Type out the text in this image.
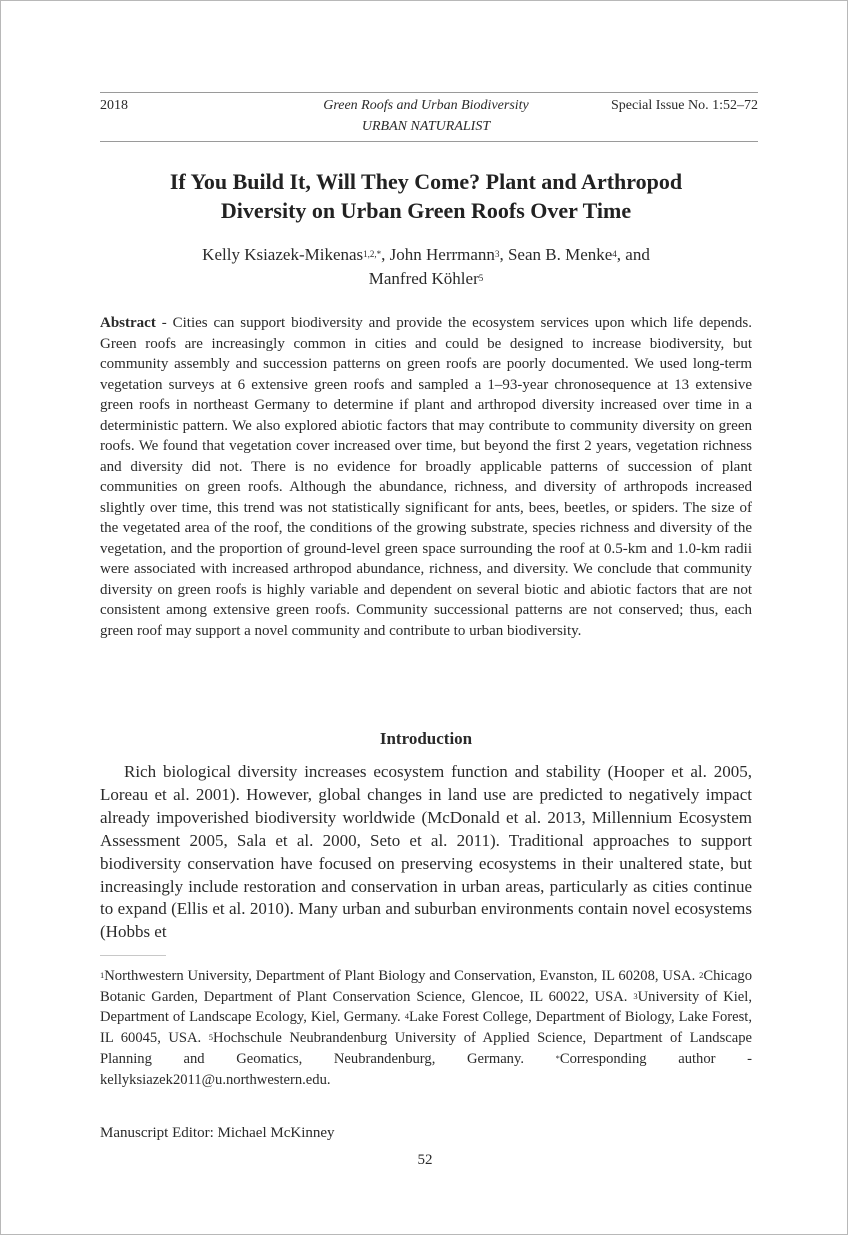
2018	Green Roofs and Urban Biodiversity	Special Issue No. 1:52–72
URBAN NATURALIST
If You Build It, Will They Come? Plant and Arthropod
Diversity on Urban Green Roofs Over Time
Kelly Ksiazek-Mikenas$^{1,2,*}$, John Herrmann$^3$, Sean B. Menke$^4$, and
Manfred Köhler$^5$
Abstract - Cities can support biodiversity and provide the ecosystem services upon which life depends. Green roofs are increasingly common in cities and could be designed to increase biodiversity, but community assembly and succession patterns on green roofs are poorly documented. We used long-term vegetation surveys at 6 extensive green roofs and sampled a 1–93-year chronosequence at 13 extensive green roofs in northeast Germany to determine if plant and arthropod diversity increased over time in a deterministic pattern. We also explored abiotic factors that may contribute to community diversity on green roofs. We found that vegetation cover increased over time, but beyond the first 2 years, vegetation richness and diversity did not. There is no evidence for broadly applicable patterns of succession of plant communities on green roofs. Although the abundance, richness, and diversity of arthropods increased slightly over time, this trend was not statistically significant for ants, bees, beetles, or spiders. The size of the vegetated area of the roof, the conditions of the growing substrate, species richness and diversity of the vegetation, and the proportion of ground-level green space surrounding the roof at 0.5-km and 1.0-km radii were associated with increased arthropod abundance, richness, and diversity. We conclude that community diversity on green roofs is highly variable and dependent on several biotic and abiotic factors that are not consistent among extensive green roofs. Community successional patterns are not conserved; thus, each green roof may support a novel community and contribute to urban biodiversity.
Introduction
Rich biological diversity increases ecosystem function and stability (Hooper et al. 2005, Loreau et al. 2001). However, global changes in land use are predicted to negatively impact already impoverished biodiversity worldwide (McDonald et al. 2013, Millennium Ecosystem Assessment 2005, Sala et al. 2000, Seto et al. 2011). Traditional approaches to support biodiversity conservation have focused on preserving ecosystems in their unaltered state, but increasingly include restoration and conservation in urban areas, particularly as cities continue to expand (Ellis et al. 2010). Many urban and suburban environments contain novel ecosystems (Hobbs et
$^1$Northwestern University, Department of Plant Biology and Conservation, Evanston, IL 60208, USA. $^2$Chicago Botanic Garden, Department of Plant Conservation Science, Glencoe, IL 60022, USA. $^3$University of Kiel, Department of Landscape Ecology, Kiel, Germany. $^4$Lake Forest College, Department of Biology, Lake Forest, IL 60045, USA. $^5$Hochschule Neubrandenburg University of Applied Science, Department of Landscape Planning and Geomatics, Neubrandenburg, Germany. *Corresponding author - kellyksiazek2011@u.northwestern.edu.
Manuscript Editor: Michael McKinney
52
